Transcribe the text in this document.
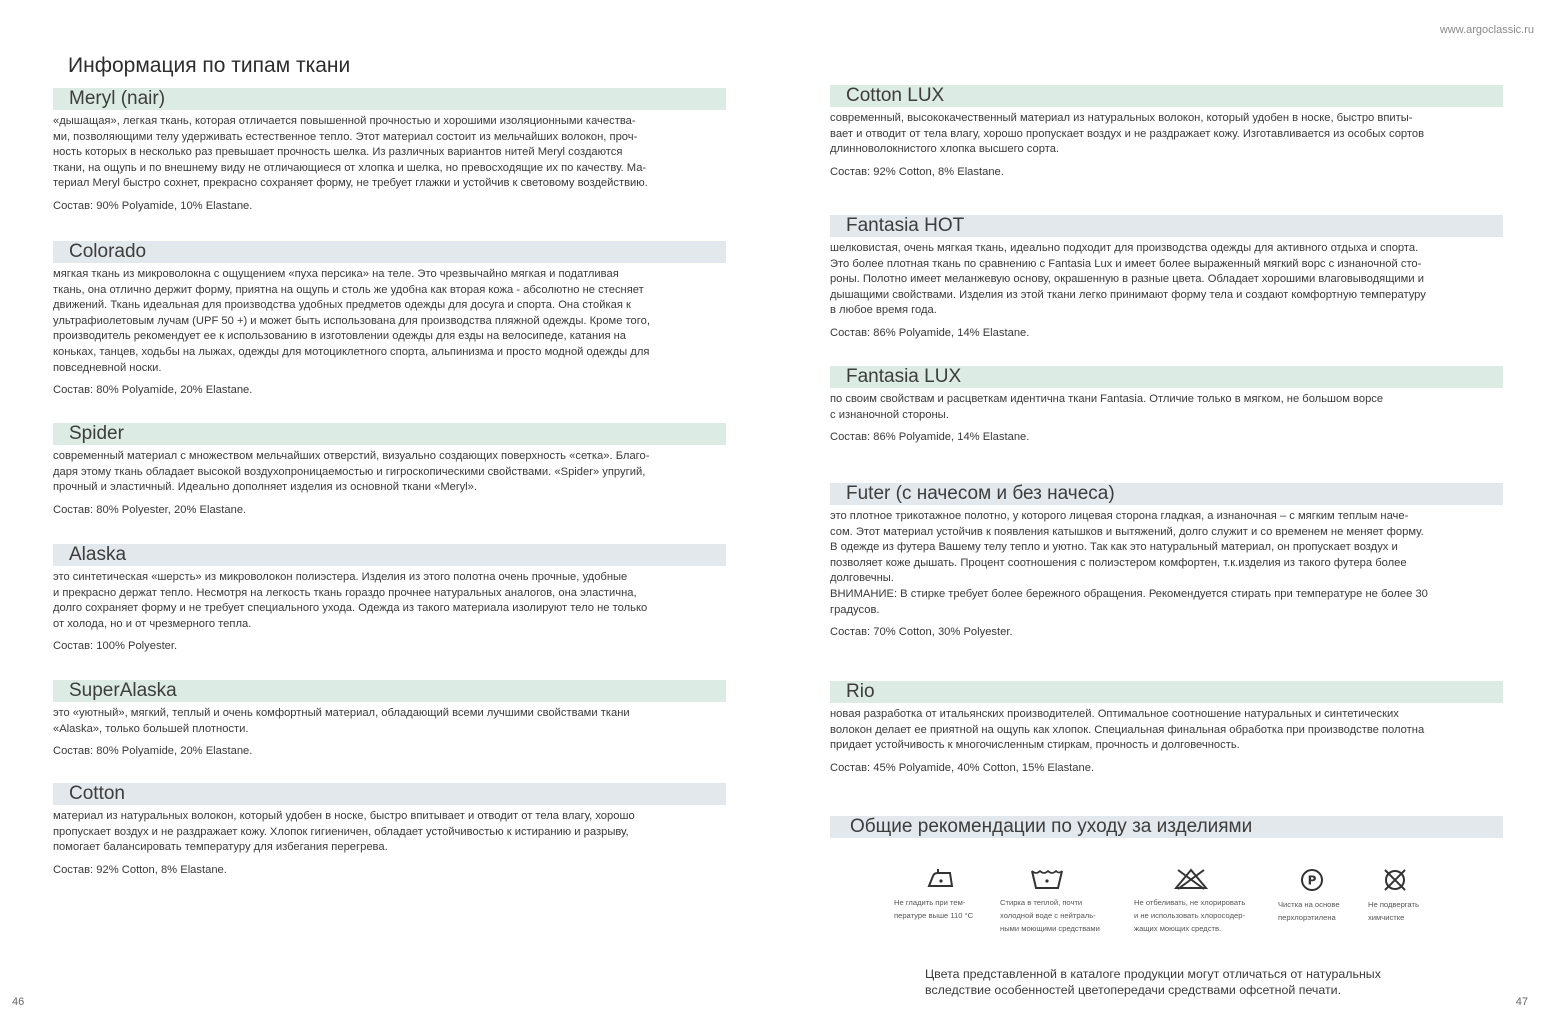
www.argoclassic.ru
Информация по типам ткани
Meryl (nair)
«дышащая», легкая ткань, которая отличается повышенной прочностью и хорошими изоляционными качества-
ми, позволяющими телу удерживать естественное тепло. Этот материал состоит из мельчайших волокон, проч-
ность которых в несколько раз превышает прочность шелка. Из различных вариантов нитей Meryl создаются
ткани, на ощупь и по внешнему виду не отличающиеся от хлопка и шелка, но превосходящие их по качеству. Ма-
териал Meryl быстро сохнет, прекрасно сохраняет форму, не требует глажки и устойчив к световому воздействию.
Состав: 90% Polyamide, 10% Elastane.
Colorado
мягкая ткань из микроволокна с ощущением «пуха персика» на теле. Это чрезвычайно мягкая и податливая
ткань, она отлично держит форму, приятна на ощупь и столь же удобна как вторая кожа - абсолютно не стесняет
движений. Ткань идеальная для производства удобных предметов одежды для досуга и спорта. Она стойкая к
ультрафиолетовым лучам (UPF 50 +) и может быть использована для производства пляжной одежды. Кроме того,
производитель рекомендует ее к использованию в изготовлении одежды для езды на велосипеде, катания на
коньках, танцев, ходьбы на лыжах, одежды для мотоциклетного спорта, альпинизма и просто модной одежды для
повседневной носки.
Состав: 80% Polyamide, 20% Elastane.
Spider
современный материал с множеством мельчайших отверстий, визуально создающих поверхность «сетка». Благо-
даря этому ткань обладает высокой воздухопроницаемостью и гигроскопическими свойствами. «Spider» упругий,
прочный и эластичный. Идеально дополняет изделия из основной ткани «Meryl».
Состав: 80% Polyester, 20% Elastane.
Alaska
это синтетическая «шерсть» из микроволокон полиэстера. Изделия из этого полотна очень прочные, удобные
и прекрасно держат тепло. Несмотря на легкость ткань гораздо прочнее натуральных аналогов, она эластична,
долго сохраняет форму и не требует специального ухода. Одежда из такого материала изолируют тело не только
от холода, но и от чрезмерного тепла.
Состав: 100% Polyester.
SuperAlaska
это «уютный», мягкий, теплый и очень комфортный материал, обладающий всеми лучшими свойствами ткани
«Alaska», только большей плотности.
Состав: 80% Polyamide, 20% Elastane.
Cotton
материал из натуральных волокон, который удобен в носке, быстро впитывает и отводит от тела влагу, хорошо
пропускает воздух и не раздражает кожу. Хлопок гигиеничен, обладает устойчивостью к истиранию и разрыву,
помогает балансировать температуру для избегания перегрева.
Состав: 92% Cotton, 8% Elastane.
Cotton LUX
современный, высококачественный материал из натуральных волокон, который удобен в носке, быстро впиты-
вает и отводит от тела влагу, хорошо пропускает воздух и не раздражает кожу. Изготавливается из особых сортов
длинноволокнистого хлопка высшего сорта.
Состав: 92% Cotton, 8% Elastane.
Fantasia HOT
шелковистая, очень мягкая ткань, идеально подходит для производства одежды для активного отдыха и спорта.
Это более плотная ткань по сравнению с Fantasia Lux и имеет более выраженный мягкий ворс с изнаночной сто-
роны. Полотно имеет меланжевую основу, окрашенную в разные цвета. Обладает хорошими влаговыводящими и
дышащими свойствами. Изделия из этой ткани легко принимают форму тела и создают комфортную температуру
в любое время года.
Состав: 86% Polyamide, 14% Elastane.
Fantasia LUX
по своим свойствам и расцветкам идентична ткани Fantasia. Отличие только в мягком, не большом ворсе
с изнаночной стороны.
Состав: 86% Polyamide, 14% Elastane.
Futer (с начесом и без начеса)
это плотное трикотажное полотно, у которого лицевая сторона гладкая, а изнаночная – с мягким теплым наче-
сом. Этот материал устойчив к появления катышков и вытяжений, долго служит и со временем не меняет форму.
В одежде из футера Вашему телу тепло и уютно. Так как это натуральный материал, он пропускает воздух и
позволяет коже дышать. Процент соотношения с полиэстером комфортен, т.к.изделия из такого футера более
долговечны.
ВНИМАНИЕ: В стирке требует более бережного обращения. Рекомендуется стирать при температуре не более 30
градусов.
Состав: 70% Cotton, 30% Polyester.
Rio
новая разработка от итальянских производителей. Оптимальное соотношение натуральных и синтетических
волокон делает ее приятной на ощупь как хлопок. Специальная финальная обработка при производстве полотна
придает устойчивость к многочисленным стиркам, прочность и долговечность.
Состав: 45% Polyamide, 40% Cotton, 15% Elastane.
Общие рекомендации по уходу за изделиями
Не гладить при тем-
пературе выше 110 °С
Стирка в теплой, почти
холодной воде с нейтраль-
ными моющими средствами
Не отбеливать, не хлорировать
и не использовать хлоросодер-
жащих моющих средств.
P
Чистка на основе
перхлорэтилена
Не подвергать
химчистке
Цвета представленной в каталоге продукции могут отличаться от натуральных
вследствие особенностей цветопередачи средствами офсетной печати.
46	47
